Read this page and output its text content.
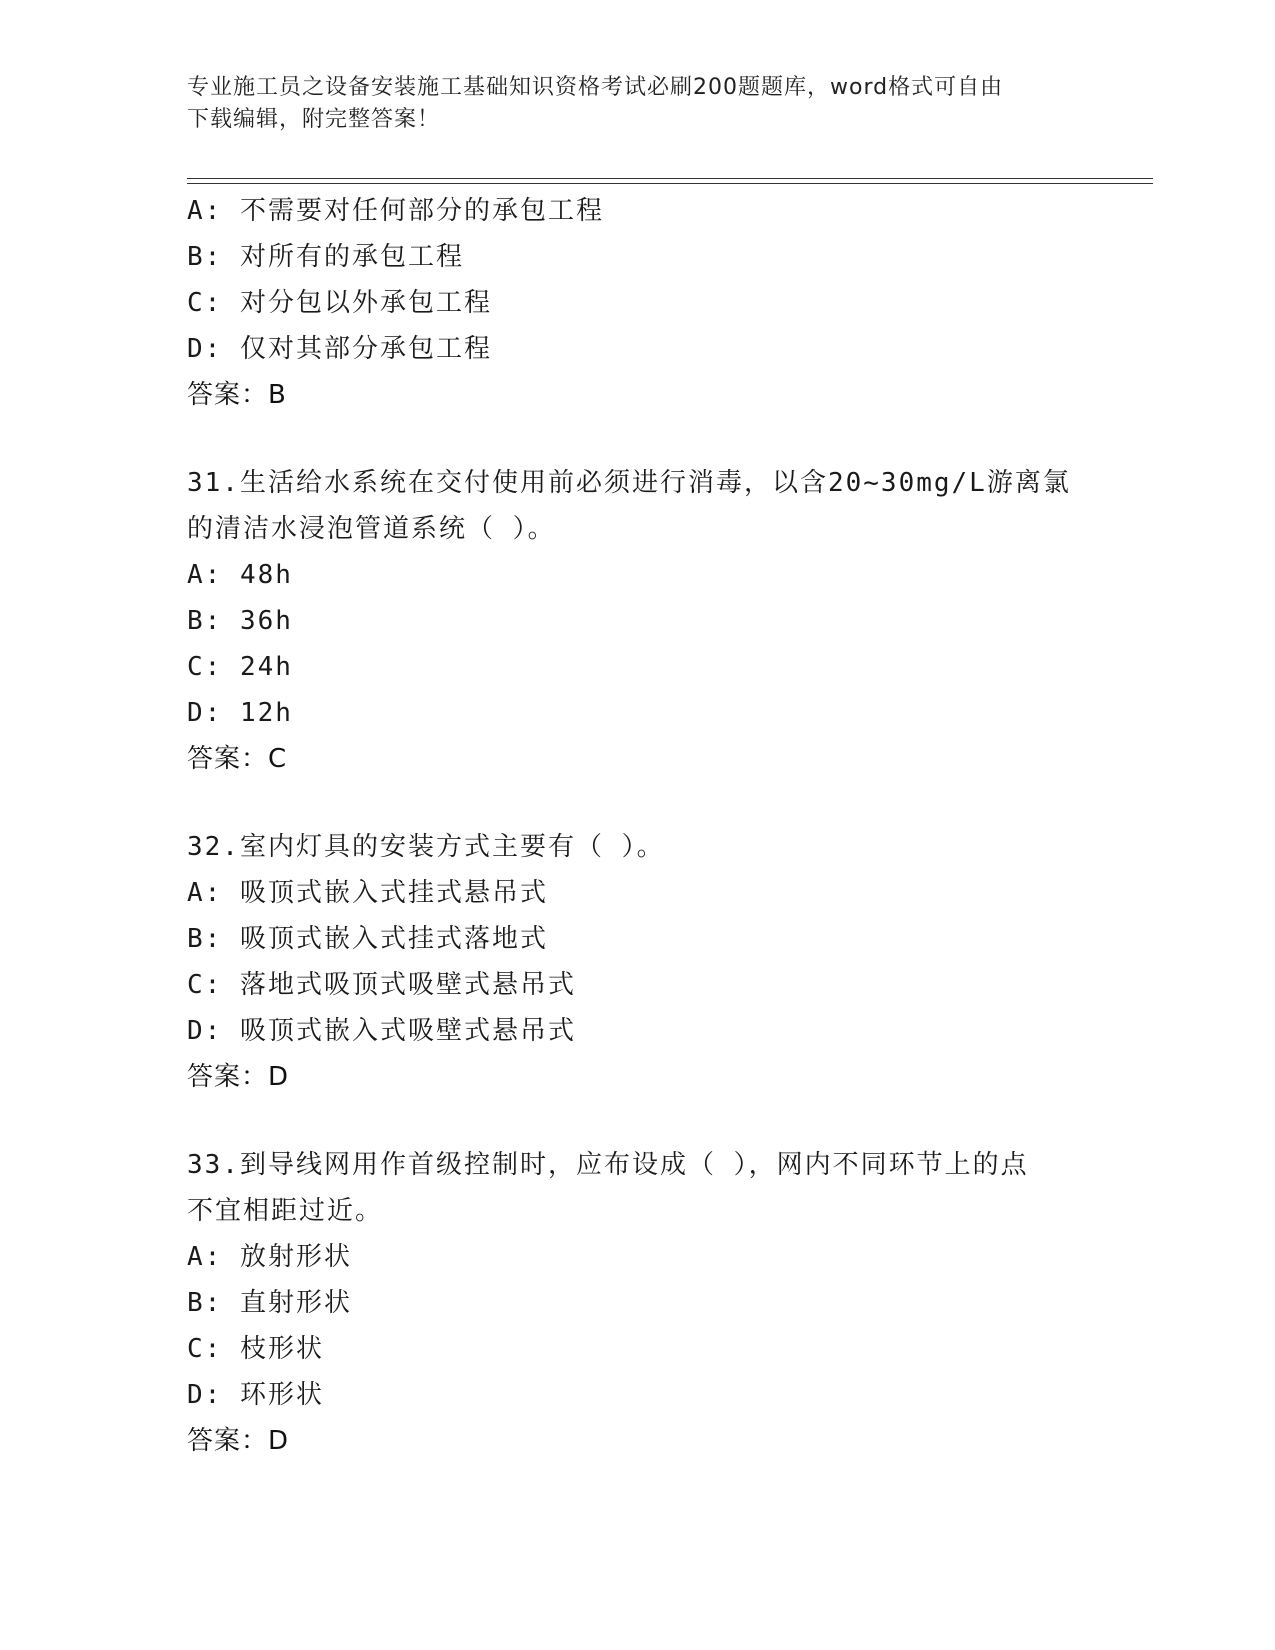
专业施工员之设备安装施工基础知识资格考试必刷200题题库，word格式可自由
下载编辑，附完整答案！
A: 不需要对任何部分的承包工程
B: 对所有的承包工程
C: 对分包以外承包工程
D: 仅对其部分承包工程
答案：B
31.生活给水系统在交付使用前必须进行消毒，以含20~30mg/L游离氯
的清洁水浸泡管道系统（ ）。
A: 48h
B: 36h
C: 24h
D: 12h
答案：C
32.室内灯具的安装方式主要有（ ）。
A: 吸顶式嵌入式挂式悬吊式
B: 吸顶式嵌入式挂式落地式
C: 落地式吸顶式吸壁式悬吊式
D: 吸顶式嵌入式吸壁式悬吊式
答案：D
33.到导线网用作首级控制时，应布设成（ ），网内不同环节上的点
不宜相距过近。
A: 放射形状
B: 直射形状
C: 枝形状
D: 环形状
答案：D
